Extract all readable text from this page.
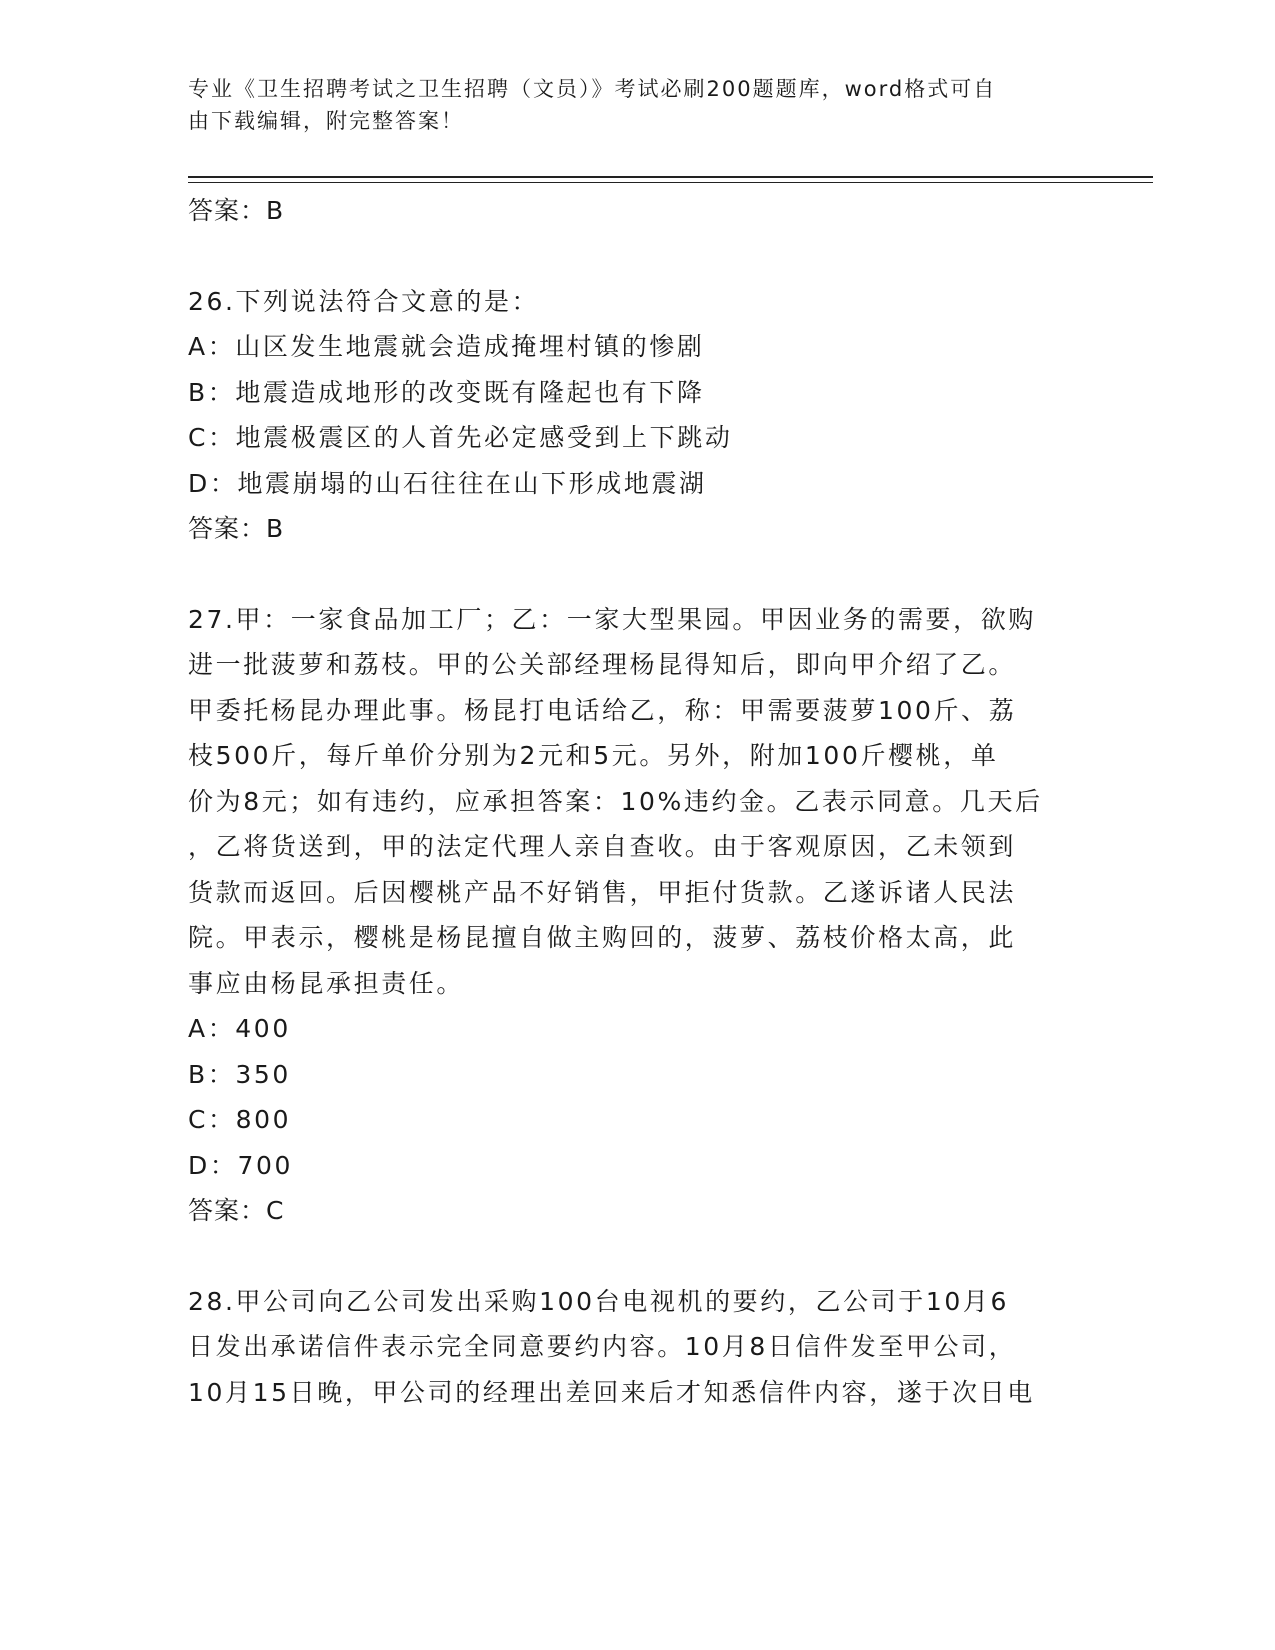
专业《卫生招聘考试之卫生招聘（文员）》考试必刷200题题库，word格式可自
由下载编辑，附完整答案！
答案：B
26.下列说法符合文意的是：
A：山区发生地震就会造成掩埋村镇的惨剧
B：地震造成地形的改变既有隆起也有下降
C：地震极震区的人首先必定感受到上下跳动
D：地震崩塌的山石往往在山下形成地震湖
答案：B
27.甲：一家食品加工厂；乙：一家大型果园。甲因业务的需要，欲购
进一批菠萝和荔枝。甲的公关部经理杨昆得知后，即向甲介绍了乙。
甲委托杨昆办理此事。杨昆打电话给乙，称：甲需要菠萝100斤、荔
枝500斤，每斤单价分别为2元和5元。另外，附加100斤樱桃，单
价为8元；如有违约，应承担答案：10%违约金。乙表示同意。几天后
，乙将货送到，甲的法定代理人亲自查收。由于客观原因，乙未领到
货款而返回。后因樱桃产品不好销售，甲拒付货款。乙遂诉诸人民法
院。甲表示，樱桃是杨昆擅自做主购回的，菠萝、荔枝价格太高，此
事应由杨昆承担责任。
A：400
B：350
C：800
D：700
答案：C
28.甲公司向乙公司发出采购100台电视机的要约，乙公司于10月6
日发出承诺信件表示完全同意要约内容。10月8日信件发至甲公司，
10月15日晚，甲公司的经理出差回来后才知悉信件内容，遂于次日电
